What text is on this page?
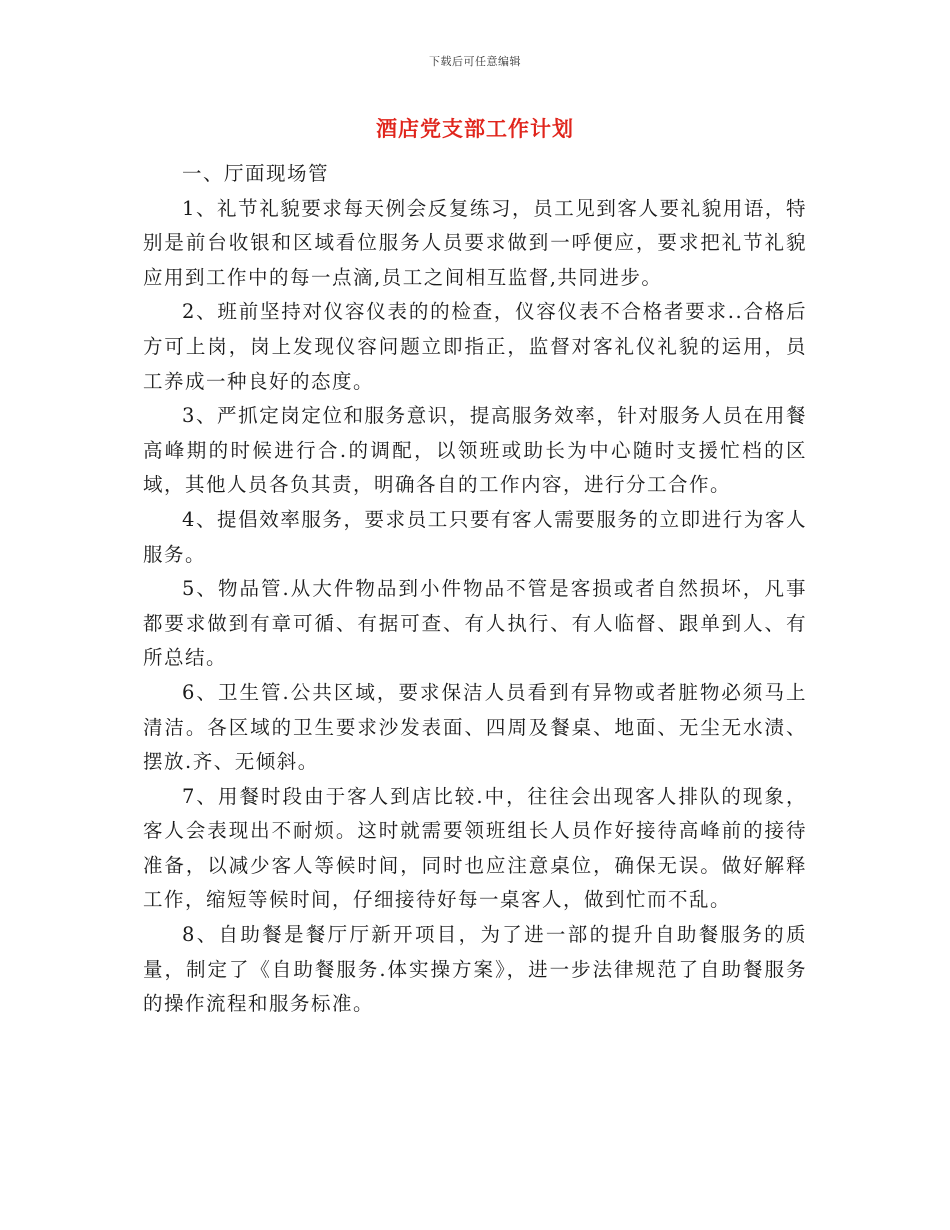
下载后可任意编辑
酒店党支部工作计划

一、厅面现场管

1、礼节礼貌要求每天例会反复练习，员工见到客人要礼貌用语，特别是前台收银和区域看位服务人员要求做到一呼便应，要求把礼节礼貌应用到工作中的每一点滴,员工之间相互监督,共同进步。

2、班前坚持对仪容仪表的的检查，仪容仪表不合格者要求..合格后方可上岗，岗上发现仪容问题立即指正，监督对客礼仪礼貌的运用，员工养成一种良好的态度。

3、严抓定岗定位和服务意识，提高服务效率，针对服务人员在用餐高峰期的时候进行合.的调配，以领班或助长为中心随时支援忙档的区域，其他人员各负其责，明确各自的工作内容，进行分工合作。

4、提倡效率服务，要求员工只要有客人需要服务的立即进行为客人服务。

5、物品管.从大件物品到小件物品不管是客损或者自然损坏，凡事都要求做到有章可循、有据可查、有人执行、有人临督、跟单到人、有所总结。

6、卫生管.公共区域，要求保洁人员看到有异物或者脏物必须马上清洁。各区域的卫生要求沙发表面、四周及餐桌、地面、无尘无水渍、摆放.齐、无倾斜。

7、用餐时段由于客人到店比较.中，往往会出现客人排队的现象，客人会表现出不耐烦。这时就需要领班组长人员作好接待高峰前的接待准备，以减少客人等候时间，同时也应注意桌位，确保无误。做好解释工作，缩短等候时间，仔细接待好每一桌客人，做到忙而不乱。

8、自助餐是餐厅厅新开项目，为了进一部的提升自助餐服务的质量，制定了《自助餐服务.体实操方案》，进一步法律规范了自助餐服务的操作流程和服务标准。
